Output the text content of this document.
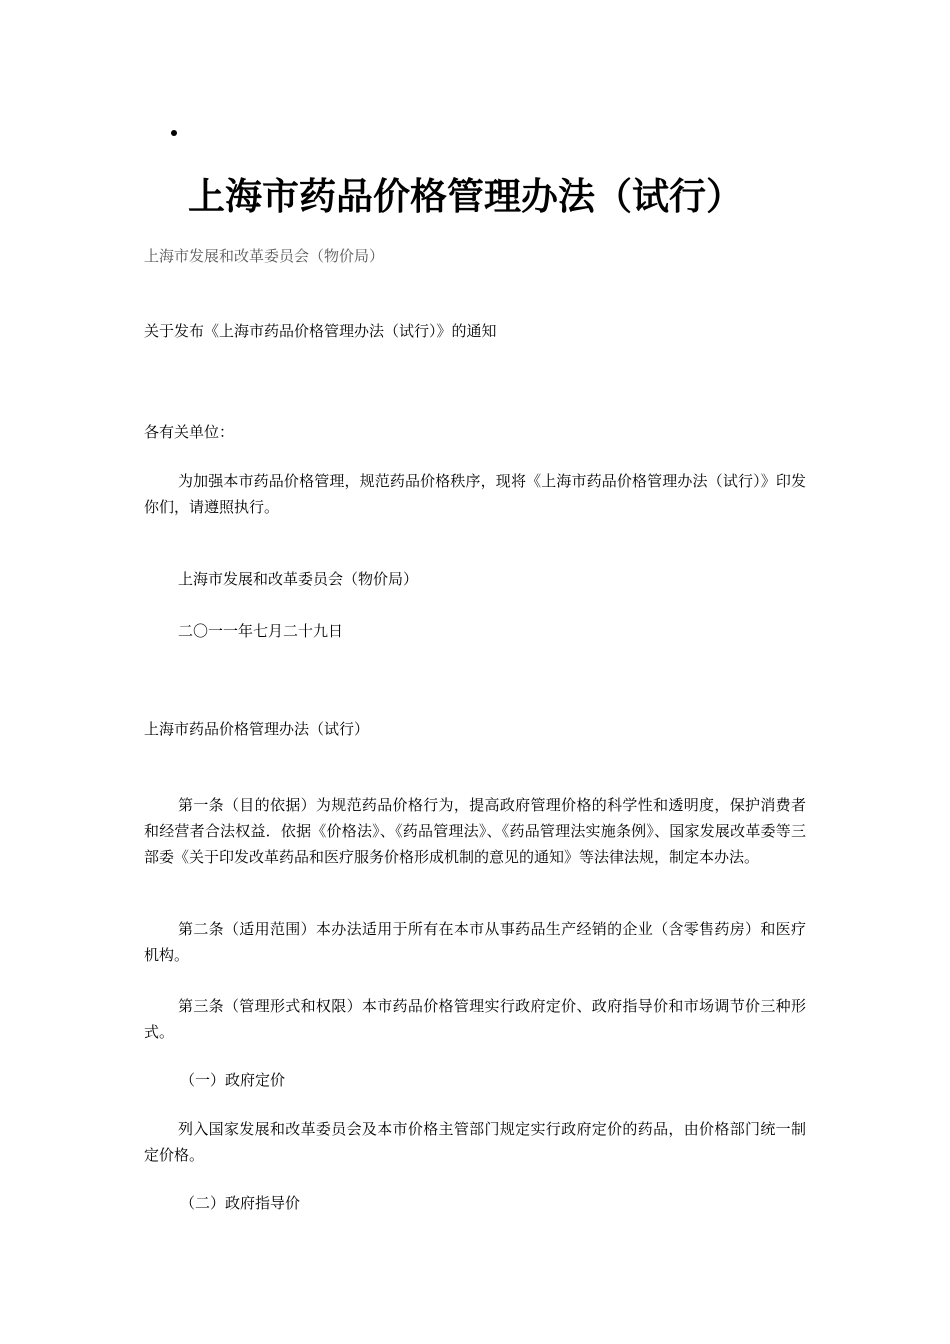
上海市药品价格管理办法（试行）

上海市发展和改革委员会（物价局）

关于发布《上海市药品价格管理办法（试行）》的通知

各有关单位：

为加强本市药品价格管理，规范药品价格秩序，现将《上海市药品价格管理办法（试行）》印发你们，请遵照执行。

上海市发展和改革委员会（物价局）

二〇一一年七月二十九日

上海市药品价格管理办法（试行）

第一条（目的依据）为规范药品价格行为，提高政府管理价格的科学性和透明度，保护消费者和经营者合法权益．依据《价格法》、《药品管理法》、《药品管理法实施条例》、国家发展改革委等三部委《关于印发改革药品和医疗服务价格形成机制的意见的通知》等法律法规，制定本办法。

第二条（适用范围）本办法适用于所有在本市从事药品生产经销的企业（含零售药房）和医疗机构。

第三条（管理形式和权限）本市药品价格管理实行政府定价、政府指导价和市场调节价三种形式。

（一）政府定价

列入国家发展和改革委员会及本市价格主管部门规定实行政府定价的药品，由价格部门统一制定价格。

（二）政府指导价
